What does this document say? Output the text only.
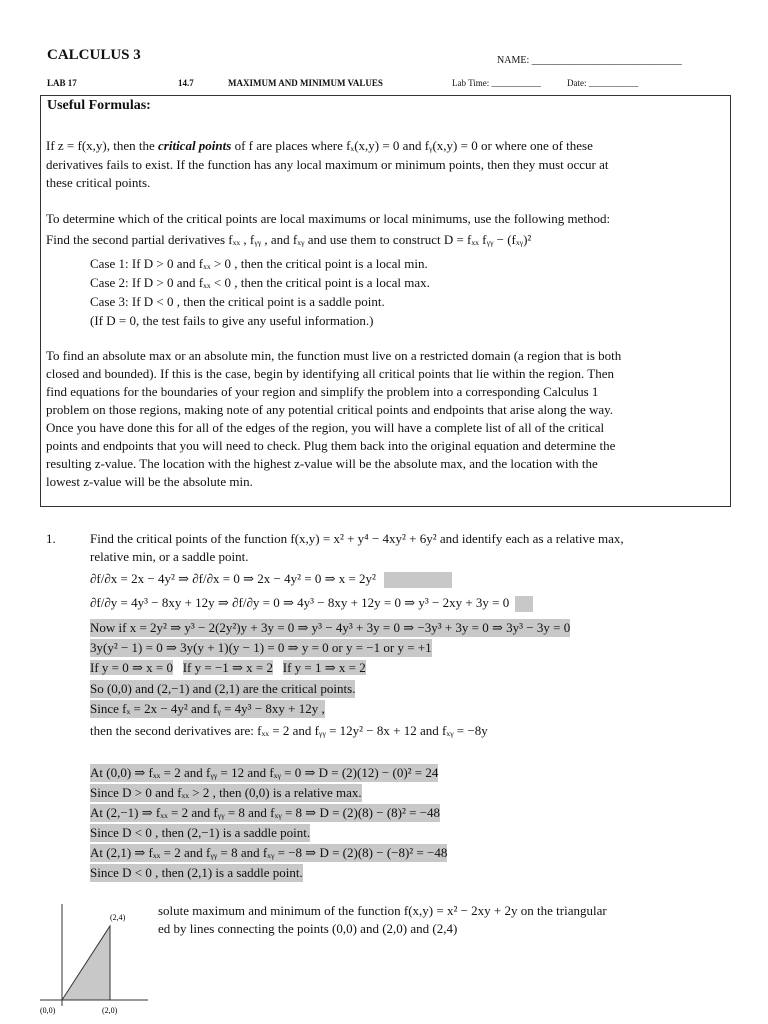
CALCULUS 3	NAME: ______________________________
LAB 17	14.7	MAXIMUM AND MINIMUM VALUES	Lab Time: ___________	Date: ___________
Useful Formulas:
If z = f(x,y), then the critical points of f are places where fₓ(x,y) = 0 and fᵧ(x,y) = 0 or where one of these
derivatives fails to exist. If the function has any local maximum or minimum points, then they must occur at
these critical points.
To determine which of the critical points are local maximums or local minimums, use the following method:
Find the second partial derivatives fₓₓ , fᵧᵧ , and fₓᵧ and use them to construct D = fₓₓ fᵧᵧ − (fₓᵧ)²
Case 1: If D > 0 and fₓₓ > 0 , then the critical point is a local min.
Case 2: If D > 0 and fₓₓ < 0 , then the critical point is a local max.
Case 3: If D < 0 , then the critical point is a saddle point.
(If D = 0, the test fails to give any useful information.)
To find an absolute max or an absolute min, the function must live on a restricted domain (a region that is both
closed and bounded). If this is the case, begin by identifying all critical points that lie within the region. Then
find equations for the boundaries of your region and simplify the problem into a corresponding Calculus 1
problem on those regions, making note of any potential critical points and endpoints that arise along the way.
Once you have done this for all of the edges of the region, you will have a complete list of all of the critical
points and endpoints that you will need to check. Plug them back into the original equation and determine the
resulting z-value. The location with the highest z-value will be the absolute max, and the location with the
lowest z-value will be the absolute min.
1.	Find the critical points of the function f(x,y) = x² + y⁴ − 4xy² + 6y² and identify each as a relative max,
relative min, or a saddle point.
∂f/∂x = 2x − 4y² ⇒ ∂f/∂x = 0 ⇒ 2x − 4y² = 0 ⇒ x = 2y²
∂f/∂y = 4y³ − 8xy + 12y ⇒ ∂f/∂y = 0 ⇒ 4y³ − 8xy + 12y = 0 ⇒ y³ − 2xy + 3y = 0
Now if x = 2y² ⇒ y³ − 2(2y²)y + 3y = 0 ⇒ y³ − 4y³ + 3y = 0 ⇒ −3y³ + 3y = 0 ⇒ 3y³ − 3y = 0
3y(y² − 1) = 0 ⇒ 3y(y + 1)(y − 1) = 0 ⇒ y = 0 or y = −1 or y = +1
If y = 0 ⇒ x = 0 If y = −1 ⇒ x = 2 If y = 1 ⇒ x = 2
So (0,0) and (2,−1) and (2,1) are the critical points.
Since fₓ = 2x − 4y² and fᵧ = 4y³ − 8xy + 12y ,
then the second derivatives are: fₓₓ = 2 and fᵧᵧ = 12y² − 8x + 12 and fₓᵧ = −8y
At (0,0) ⇒ fₓₓ = 2 and fᵧᵧ = 12 and fₓᵧ = 0 ⇒ D = (2)(12) − (0)² = 24
Since D > 0 and fₓₓ > 2 , then (0,0) is a relative max.
At (2,−1) ⇒ fₓₓ = 2 and fᵧᵧ = 8 and fₓᵧ = 8 ⇒ D = (2)(8) − (8)² = −48
Since D < 0 , then (2,−1) is a saddle point.
At (2,1) ⇒ fₓₓ = 2 and fᵧᵧ = 8 and fₓᵧ = −8 ⇒ D = (2)(8) − (−8)² = −48
Since D < 0 , then (2,1) is a saddle point.
solute maximum and minimum of the function f(x,y) = x² − 2xy + 2y on the triangular
ed by lines connecting the points (0,0) and (2,0) and (2,4)
(2,4)
(0,0)	(2,0)
